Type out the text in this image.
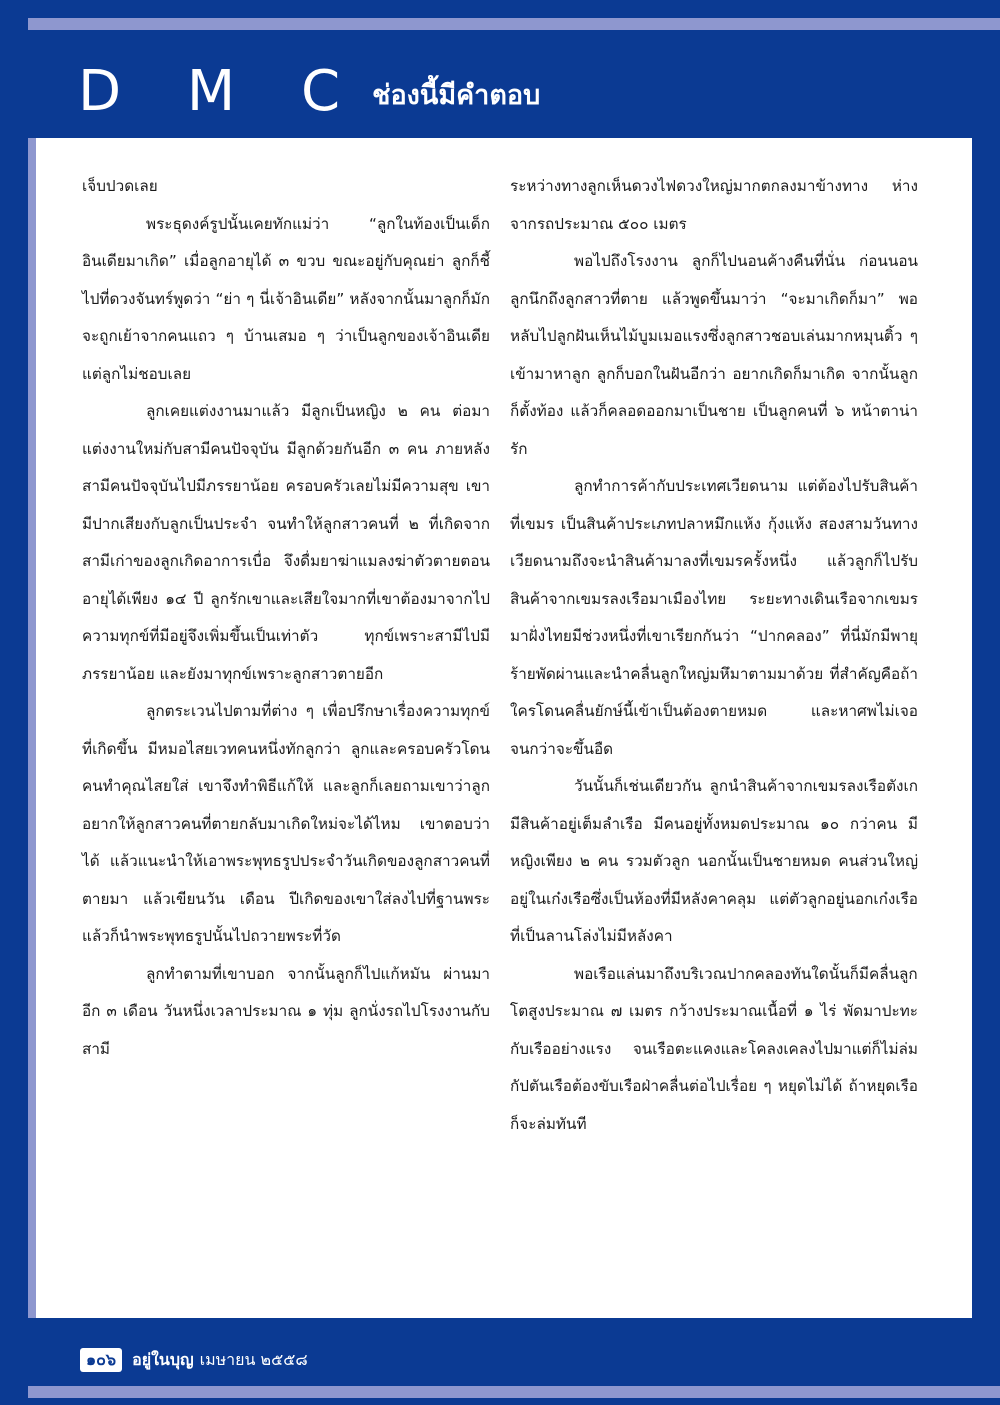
D M C ช่องนี้มีคำตอบ

เจ็บปวดเลย

พระธุดงค์รูปนั้นเคยทักแม่ว่า “ลูกในท้องเป็นเด็กอินเดียมาเกิด” เมื่อลูกอายุได้ ๓ ขวบ ขณะอยู่กับคุณย่า ลูกก็ชี้ไปที่ดวงจันทร์พูดว่า “ย่า ๆ นี่เจ้าอินเดีย” หลังจากนั้นมาลูกก็มักจะถูกเย้าจากคนแถว ๆ บ้านเสมอ ๆ ว่าเป็นลูกของเจ้าอินเดีย แต่ลูกไม่ชอบเลย

ลูกเคยแต่งงานมาแล้ว มีลูกเป็นหญิง ๒ คน ต่อมาแต่งงานใหม่กับสามีคนปัจจุบัน มีลูกด้วยกันอีก ๓ คน ภายหลังสามีคนปัจจุบันไปมีภรรยาน้อย ครอบครัวเลยไม่มีความสุข เขามีปากเสียงกับลูกเป็นประจำ จนทำให้ลูกสาวคนที่ ๒ ที่เกิดจากสามีเก่าของลูกเกิดอาการเบื่อ จึงดื่มยาฆ่าแมลงฆ่าตัวตายตอนอายุได้เพียง ๑๔ ปี ลูกรักเขาและเสียใจมากที่เขาต้องมาจากไป ความทุกข์ที่มีอยู่จึงเพิ่มขึ้นเป็นเท่าตัว ทุกข์เพราะสามีไปมีภรรยาน้อย และยังมาทุกข์เพราะลูกสาวตายอีก

ลูกตระเวนไปตามที่ต่าง ๆ เพื่อปรึกษาเรื่องความทุกข์ที่เกิดขึ้น มีหมอไสยเวทคนหนึ่งทักลูกว่า ลูกและครอบครัวโดนคนทำคุณไสยใส่ เขาจึงทำพิธีแก้ให้ และลูกก็เลยถามเขาว่าลูกอยากให้ลูกสาวคนที่ตายกลับมาเกิดใหม่จะได้ไหม เขาตอบว่าได้ แล้วแนะนำให้เอาพระพุทธรูปประจำวันเกิดของลูกสาวคนที่ตายมา แล้วเขียนวัน เดือน ปีเกิดของเขาใส่ลงไปที่ฐานพระ แล้วก็นำพระพุทธรูปนั้นไปถวายพระที่วัด

ลูกทำตามที่เขาบอก จากนั้นลูกก็ไปแก้หมัน ผ่านมาอีก ๓ เดือน วันหนึ่งเวลาประมาณ ๑ ทุ่ม ลูกนั่งรถไปโรงงานกับสามี

ระหว่างทางลูกเห็นดวงไฟดวงใหญ่มากตกลงมาข้างทาง ห่างจากรถประมาณ ๕๐๐ เมตร

พอไปถึงโรงงาน ลูกก็ไปนอนค้างคืนที่นั่น ก่อนนอนลูกนึกถึงลูกสาวที่ตาย แล้วพูดขึ้นมาว่า “จะมาเกิดก็มา” พอหลับไปลูกฝันเห็นไม้บูมเมอแรงซึ่งลูกสาวชอบเล่นมากหมุนติ้ว ๆ เข้ามาหาลูก ลูกก็บอกในฝันอีกว่า อยากเกิดก็มาเกิด จากนั้นลูกก็ตั้งท้อง แล้วก็คลอดออกมาเป็นชาย เป็นลูกคนที่ ๖ หน้าตาน่ารัก

ลูกทำการค้ากับประเทศเวียดนาม แต่ต้องไปรับสินค้าที่เขมร เป็นสินค้าประเภทปลาหมึกแห้ง กุ้งแห้ง สองสามวันทางเวียดนามถึงจะนำสินค้ามาลงที่เขมรครั้งหนึ่ง แล้วลูกก็ไปรับสินค้าจากเขมรลงเรือมาเมืองไทย ระยะทางเดินเรือจากเขมรมาฝั่งไทยมีช่วงหนึ่งที่เขาเรียกกันว่า “ปากคลอง” ที่นี่มักมีพายุร้ายพัดผ่านและนำคลื่นลูกใหญ่มหึมาตามมาด้วย ที่สำคัญคือถ้าใครโดนคลื่นยักษ์นี้เข้าเป็นต้องตายหมด และหาศพไม่เจอ จนกว่าจะขึ้นอืด

วันนั้นก็เช่นเดียวกัน ลูกนำสินค้าจากเขมรลงเรือตังเก มีสินค้าอยู่เต็มลำเรือ มีคนอยู่ทั้งหมดประมาณ ๑๐ กว่าคน มีหญิงเพียง ๒ คน รวมตัวลูก นอกนั้นเป็นชายหมด คนส่วนใหญ่อยู่ในเก๋งเรือซึ่งเป็นห้องที่มีหลังคาคลุม แต่ตัวลูกอยู่นอกเก๋งเรือที่เป็นลานโล่งไม่มีหลังคา

พอเรือแล่นมาถึงบริเวณปากคลองทันใดนั้นก็มีคลื่นลูกโตสูงประมาณ ๗ เมตร กว้างประมาณเนื้อที่ ๑ ไร่ พัดมาปะทะกับเรืออย่างแรง จนเรือตะแคงและโคลงเคลงไปมาแต่ก็ไม่ล่ม กัปตันเรือต้องขับเรือฝ่าคลื่นต่อไปเรื่อย ๆ หยุดไม่ได้ ถ้าหยุดเรือก็จะล่มทันที

๑๐๖	อยู่ในบุญ เมษายน ๒๕๕๘
